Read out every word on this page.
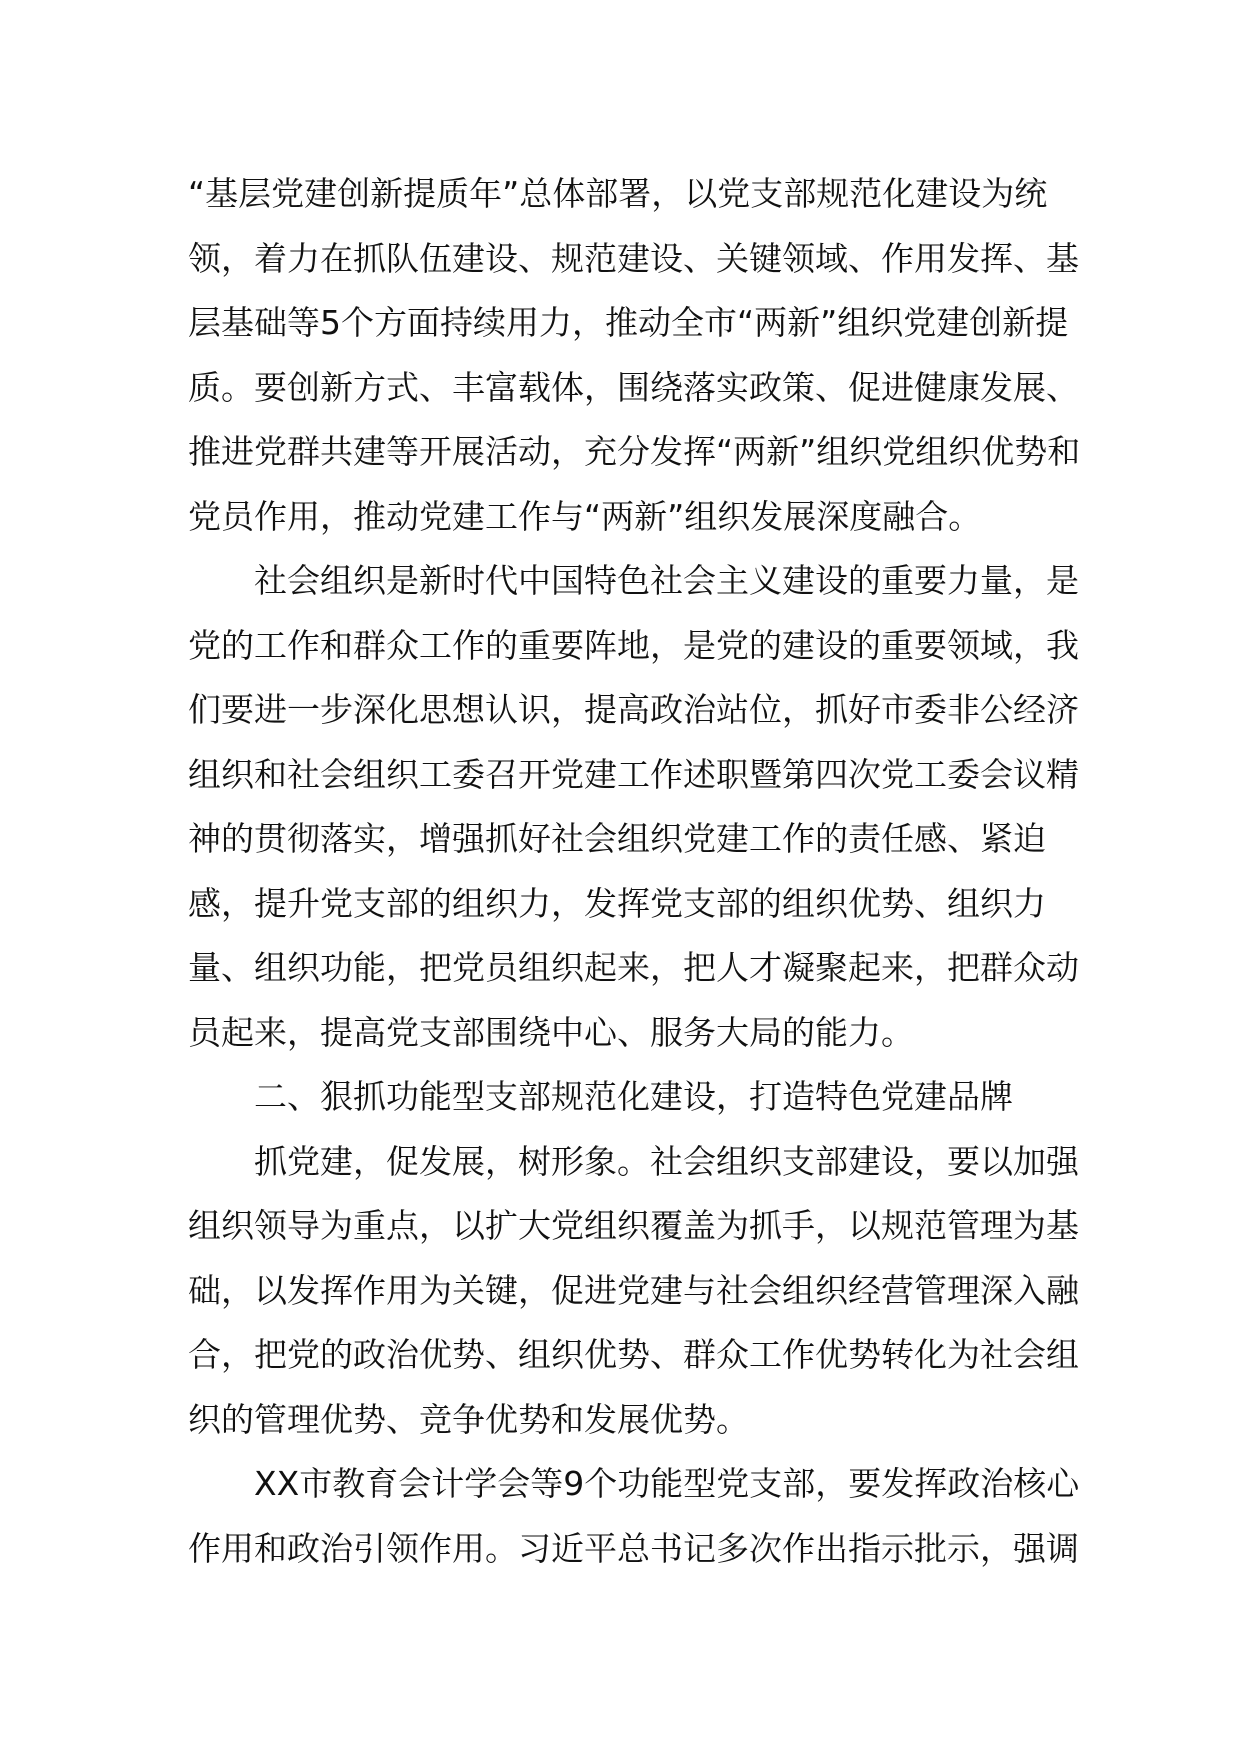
“基层党建创新提质年”总体部署，以党支部规范化建设为统领，着力在抓队伍建设、规范建设、关键领域、作用发挥、基层基础等5个方面持续用力，推动全市“两新”组织党建创新提质。要创新方式、丰富载体，围绕落实政策、促进健康发展、推进党群共建等开展活动，充分发挥“两新”组织党组织优势和党员作用，推动党建工作与“两新”组织发展深度融合。

社会组织是新时代中国特色社会主义建设的重要力量，是党的工作和群众工作的重要阵地，是党的建设的重要领域，我们要进一步深化思想认识，提高政治站位，抓好市委非公经济组织和社会组织工委召开党建工作述职暨第四次党工委会议精神的贯彻落实，增强抓好社会组织党建工作的责任感、紧迫感，提升党支部的组织力，发挥党支部的组织优势、组织力量、组织功能，把党员组织起来，把人才凝聚起来，把群众动员起来，提高党支部围绕中心、服务大局的能力。

二、狠抓功能型支部规范化建设，打造特色党建品牌

抓党建，促发展，树形象。社会组织支部建设，要以加强组织领导为重点，以扩大党组织覆盖为抓手，以规范管理为基础，以发挥作用为关键，促进党建与社会组织经营管理深入融合，把党的政治优势、组织优势、群众工作优势转化为社会组织的管理优势、竞争优势和发展优势。

XX市教育会计学会等9个功能型党支部，要发挥政治核心作用和政治引领作用。习近平总书记多次作出指示批示，强调
